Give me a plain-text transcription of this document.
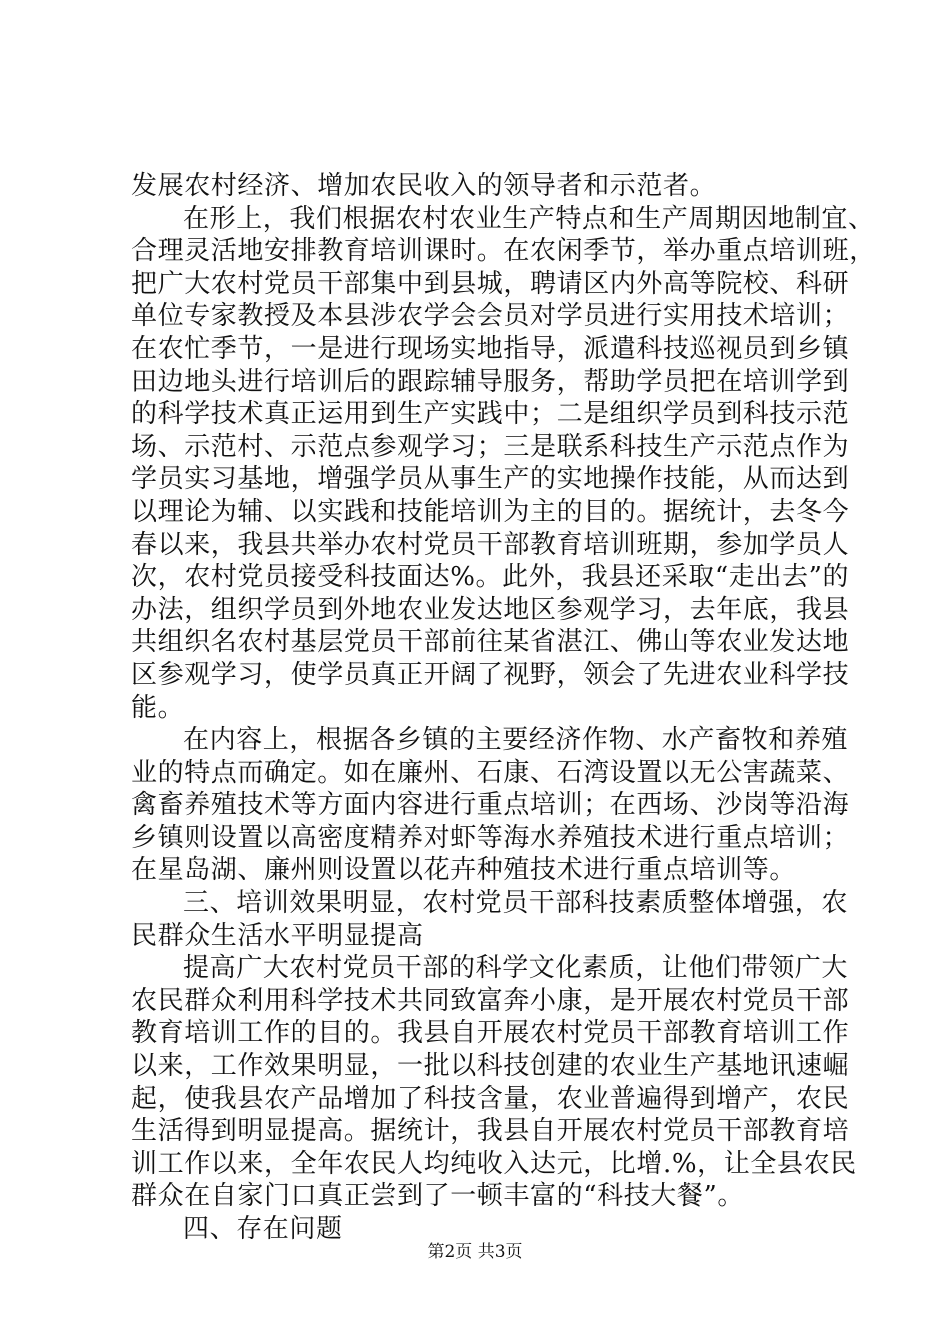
发展农村经济、增加农民收入的领导者和示范者。
在形上，我们根据农村农业生产特点和生产周期因地制宜、
合理灵活地安排教育培训课时。在农闲季节，举办重点培训班，
把广大农村党员干部集中到县城，聘请区内外高等院校、科研
单位专家教授及本县涉农学会会员对学员进行实用技术培训；
在农忙季节，一是进行现场实地指导，派遣科技巡视员到乡镇
田边地头进行培训后的跟踪辅导服务，帮助学员把在培训学到
的科学技术真正运用到生产实践中；二是组织学员到科技示范
场、示范村、示范点参观学习；三是联系科技生产示范点作为
学员实习基地，增强学员从事生产的实地操作技能，从而达到
以理论为辅、以实践和技能培训为主的目的。据统计，去冬今
春以来，我县共举办农村党员干部教育培训班期，参加学员人
次，农村党员接受科技面达%。此外，我县还采取“走出去”的
办法，组织学员到外地农业发达地区参观学习，去年底，我县
共组织名农村基层党员干部前往某省湛江、佛山等农业发达地
区参观学习，使学员真正开阔了视野，领会了先进农业科学技
能。
在内容上，根据各乡镇的主要经济作物、水产畜牧和养殖
业的特点而确定。如在廉州、石康、石湾设置以无公害蔬菜、
禽畜养殖技术等方面内容进行重点培训；在西场、沙岗等沿海
乡镇则设置以高密度精养对虾等海水养殖技术进行重点培训；
在星岛湖、廉州则设置以花卉种殖技术进行重点培训等。
三、培训效果明显，农村党员干部科技素质整体增强，农
民群众生活水平明显提高
提高广大农村党员干部的科学文化素质，让他们带领广大
农民群众利用科学技术共同致富奔小康，是开展农村党员干部
教育培训工作的目的。我县自开展农村党员干部教育培训工作
以来，工作效果明显，一批以科技创建的农业生产基地讯速崛
起，使我县农产品增加了科技含量，农业普遍得到增产，农民
生活得到明显提高。据统计，我县自开展农村党员干部教育培
训工作以来，全年农民人均纯收入达元，比增.%，让全县农民
群众在自家门口真正尝到了一顿丰富的“科技大餐”。
四、存在问题
第2页 共3页
